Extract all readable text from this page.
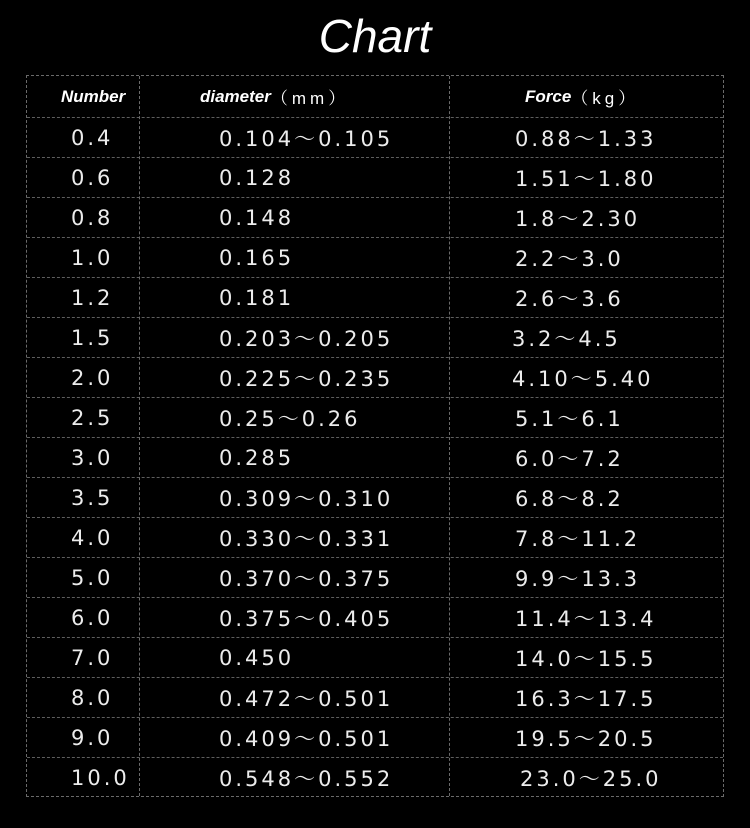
Chart
Number	diameter （mm）	Force （kg）
0.4	0.104～0.105	0.88～1.33
0.6	0.128	1.51～1.80
0.8	0.148	1.8～2.30
1.0	0.165	2.2～3.0
1.2	0.181	2.6～3.6
1.5	0.203～0.205	3.2～4.5
2.0	0.225～0.235	4.10～5.40
2.5	0.25～0.26	5.1～6.1
3.0	0.285	6.0～7.2
3.5	0.309～0.310	6.8～8.2
4.0	0.330～0.331	7.8～11.2
5.0	0.370～0.375	9.9～13.3
6.0	0.375～0.405	11.4～13.4
7.0	0.450	14.0～15.5
8.0	0.472～0.501	16.3～17.5
9.0	0.409～0.501	19.5～20.5
10.0	0.548～0.552	23.0～25.0
